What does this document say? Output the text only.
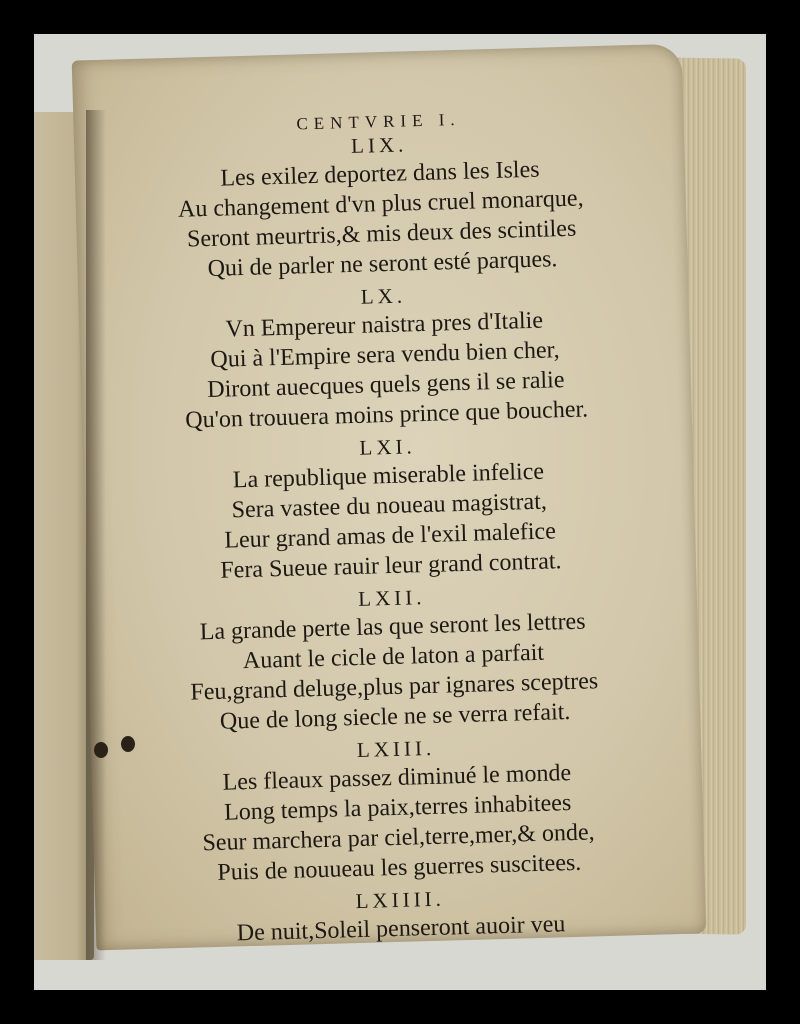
CENTVRIE I.
LIX.
Les exilez deportez dans les Isles
Au changement d'vn plus cruel monarque,
Seront meurtris,& mis deux des scintiles
Qui de parler ne seront esté parques.
LX.
Vn Empereur naistra pres d'Italie
Qui à l'Empire sera vendu bien cher,
Diront auecques quels gens il se ralie
Qu'on trouuera moins prince que boucher.
LXI.
La republique miserable infelice
Sera vastee du noueau magistrat,
Leur grand amas de l'exil malefice
Fera Sueue rauir leur grand contrat.
LXII.
La grande perte las que seront les lettres
Auant le cicle de laton a parfait
Feu,grand deluge,plus par ignares sceptres
Que de long siecle ne se verra refait.
LXIII.
Les fleaux passez diminué le monde
Long temps la paix,terres inhabitees
Seur marchera par ciel,terre,mer,& onde,
Puis de nouueau les guerres suscitees.
LXIIII.
De nuit,Soleil penseront auoir veu
